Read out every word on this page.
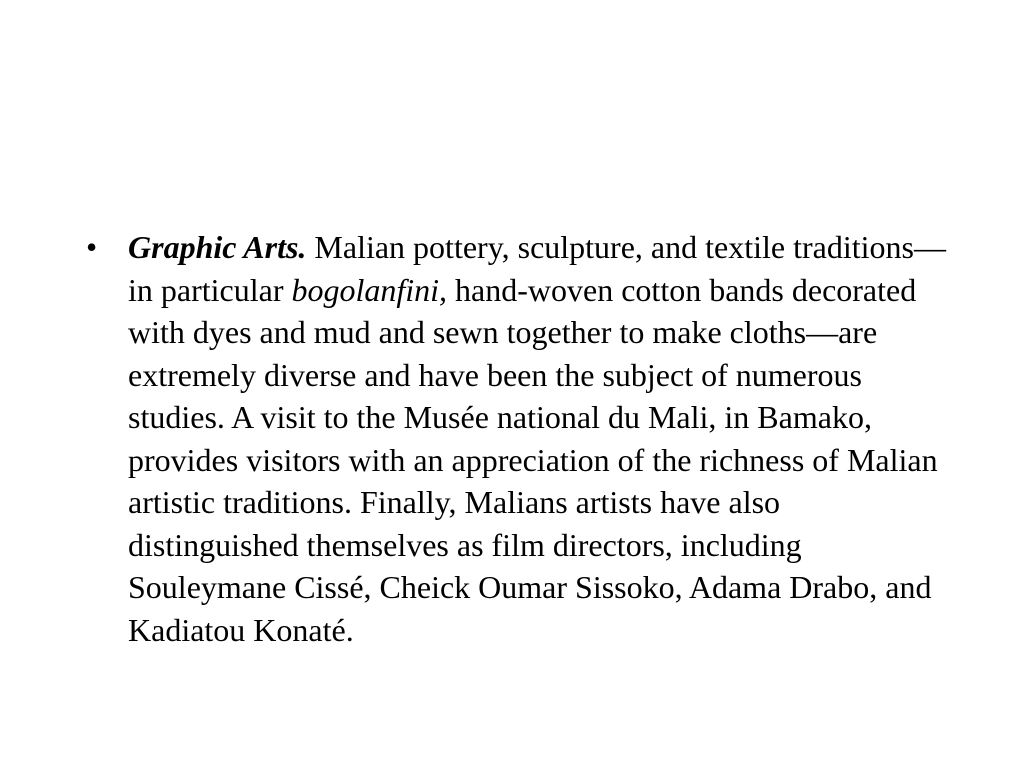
• Graphic Arts. Malian pottery, sculpture, and textile traditions—in particular bogolanfini, hand-woven cotton bands decorated with dyes and mud and sewn together to make cloths—are extremely diverse and have been the subject of numerous studies. A visit to the Musée national du Mali, in Bamako, provides visitors with an appreciation of the richness of Malian artistic traditions. Finally, Malians artists have also distinguished themselves as film directors, including Souleymane Cissé, Cheick Oumar Sissoko, Adama Drabo, and Kadiatou Konaté.
